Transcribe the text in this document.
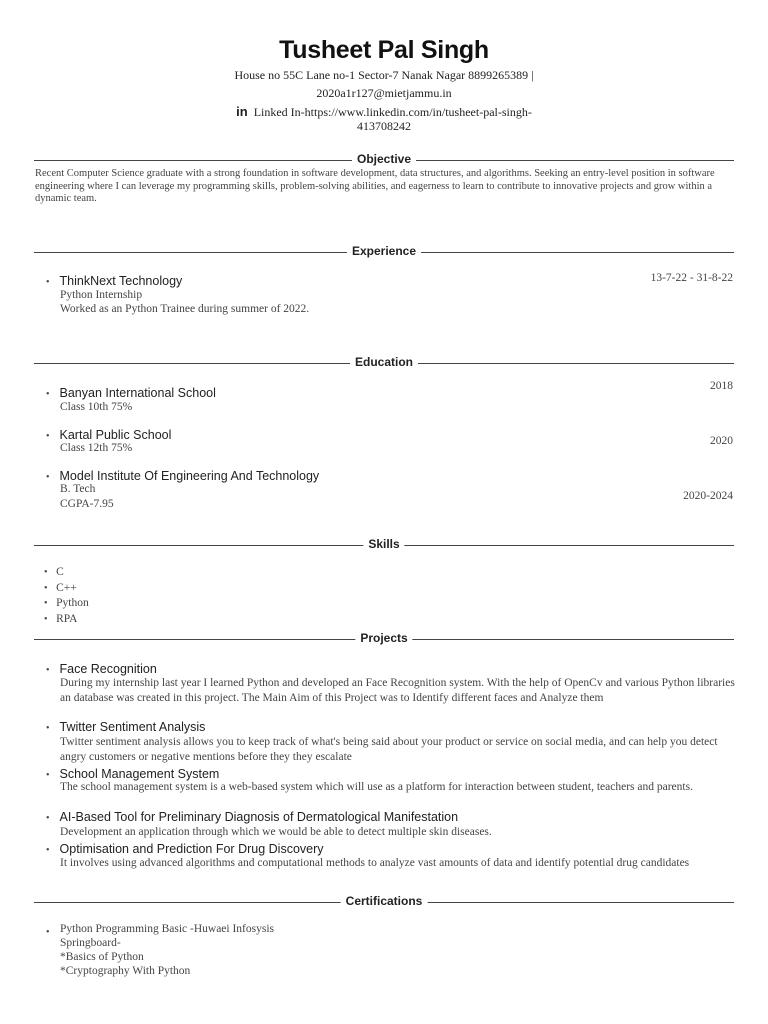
Tusheet Pal Singh
House no 55C Lane no-1 Sector-7 Nanak Nagar 8899265389 |
2020a1r127@mietjammu.in
in Linked In-https://www.linkedin.com/in/tusheet-pal-singh-
413708242
Objective
Recent Computer Science graduate with a strong foundation in software development, data structures, and algorithms. Seeking an entry-level position in software engineering where I can leverage my programming skills, problem-solving abilities, and eagerness to learn to contribute to innovative projects and grow within a dynamic team.
Experience
• ThinkNext Technology
Python Internship
Worked as an Python Trainee during summer of 2022.
13-7-22 - 31-8-22
Education
• Banyan International School
Class 10th 75%
2018
• Kartal Public School
Class 12th 75%
2020
• Model Institute Of Engineering And Technology
B. Tech
CGPA-7.95
2020-2024
Skills
• C
• C++
• Python
• RPA
Projects
• Face Recognition
During my internship last year I learned Python and developed an Face Recognition system. With the help of OpenCv and various Python libraries an database was created in this project. The Main Aim of this Project was to Identify different faces and Analyze them
• Twitter Sentiment Analysis
Twitter sentiment analysis allows you to keep track of what's being said about your product or service on social media, and can help you detect angry customers or negative mentions before they they escalate
• School Management System
The school management system is a web-based system which will use as a platform for interaction between student, teachers and parents.
• AI-Based Tool for Preliminary Diagnosis of Dermatological Manifestation
Development an application through which we would be able to detect multiple skin diseases.
• Optimisation and Prediction For Drug Discovery
It involves using advanced algorithms and computational methods to analyze vast amounts of data and identify potential drug candidates
Certifications
• Python Programming Basic -Huwaei Infosysis
Springboard-
*Basics of Python
*Cryptography With Python
